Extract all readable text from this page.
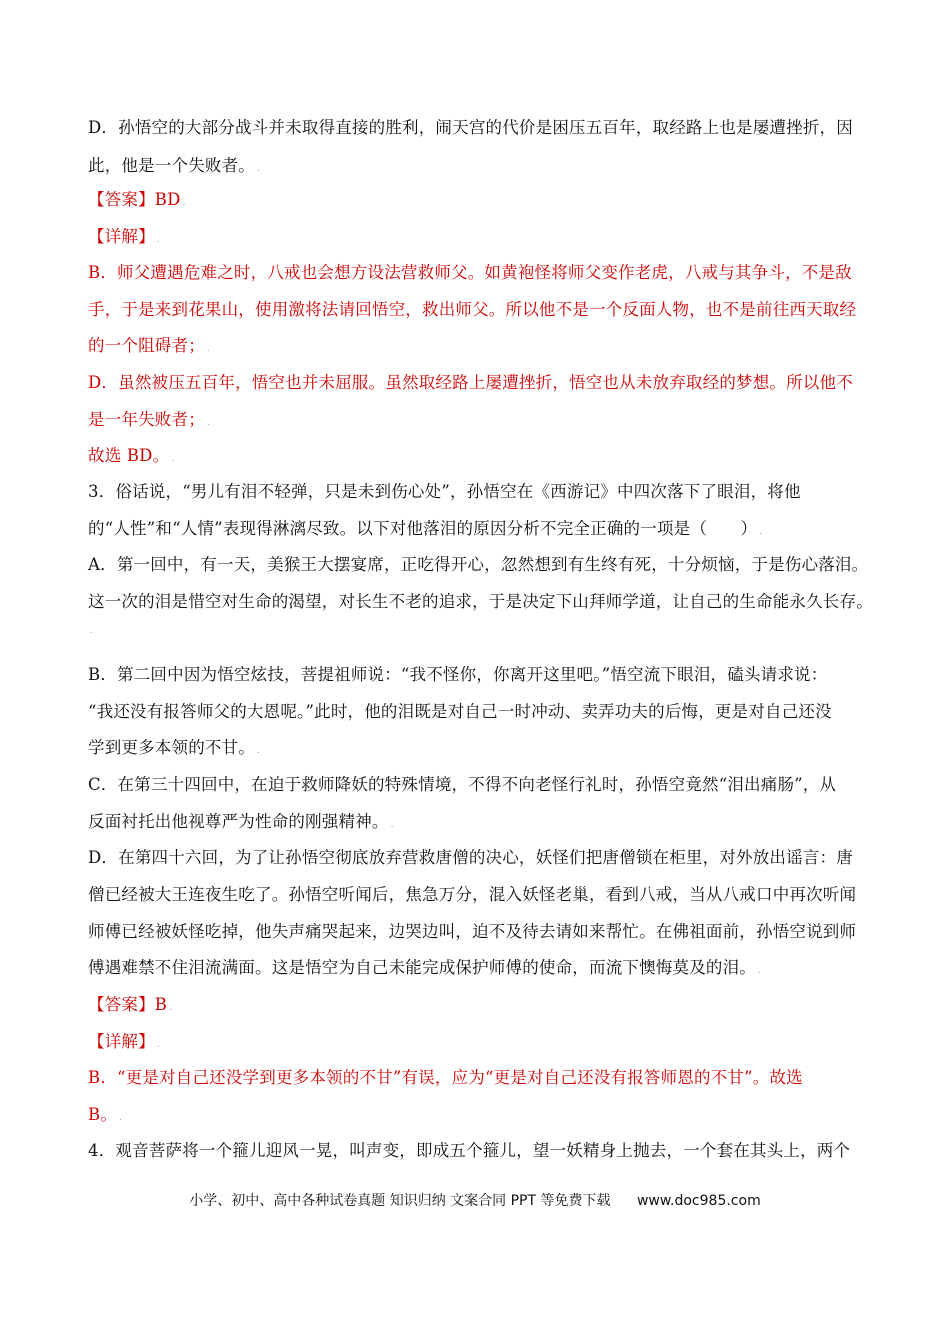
D．孙悟空的大部分战斗并未取得直接的胜利，闹天宫的代价是困压五百年，取经路上也是屡遭挫折，因
此，他是一个失败者。 .
【答案】BD .
【详解】 .
B．师父遭遇危难之时，八戒也会想方设法营救师父。如黄袍怪将师父变作老虎，八戒与其争斗，不是敌
手，于是来到花果山，使用激将法请回悟空，救出师父。所以他不是一个反面人物，也不是前往西天取经
的一个阻碍者； .
D．虽然被压五百年，悟空也并未屈服。虽然取经路上屡遭挫折，悟空也从未放弃取经的梦想。所以他不
是一年失败者； .
故选 BD。 .
3．俗话说，“男儿有泪不轻弹，只是未到伤心处”，孙悟空在《西游记》中四次落下了眼泪，将他
的“人性”和“人情”表现得淋漓尽致。以下对他落泪的原因分析不完全正确的一项是（　　） .
A．第一回中，有一天，美猴王大摆宴席，正吃得开心，忽然想到有生终有死，十分烦恼，于是伤心落泪。
这一次的泪是惜空对生命的渴望，对长生不老的追求，于是决定下山拜师学道，让自己的生命能永久长存。
.
B．第二回中因为悟空炫技，菩提祖师说：“我不怪你，你离开这里吧。”悟空流下眼泪，磕头请求说：
“我还没有报答师父的大恩呢。”此时，他的泪既是对自己一时冲动、卖弄功夫的后悔，更是对自己还没
学到更多本领的不甘。 .
C．在第三十四回中，在迫于救师降妖的特殊情境，不得不向老怪行礼时，孙悟空竟然“泪出痛肠”，从
反面衬托出他视尊严为性命的刚强精神。 .
D．在第四十六回，为了让孙悟空彻底放弃营救唐僧的决心，妖怪们把唐僧锁在柜里，对外放出谣言：唐
僧已经被大王连夜生吃了。孙悟空听闻后，焦急万分，混入妖怪老巢，看到八戒，当从八戒口中再次听闻
师傅已经被妖怪吃掉，他失声痛哭起来，边哭边叫，迫不及待去请如来帮忙。在佛祖面前，孙悟空说到师
傅遇难禁不住泪流满面。这是悟空为自己未能完成保护师傅的使命，而流下懊悔莫及的泪。 .
【答案】B .
【详解】 .
B．“更是对自己还没学到更多本领的不甘”有误，应为“更是对自己还没有报答师恩的不甘”。故选
B。 .
4．观音菩萨将一个箍儿迎风一晃，叫声变，即成五个箍儿，望一妖精身上抛去，一个套在其头上，两个
小学、初中、高中各种试卷真题 知识归纳 文案合同 PPT 等免费下载 www.doc985.com
